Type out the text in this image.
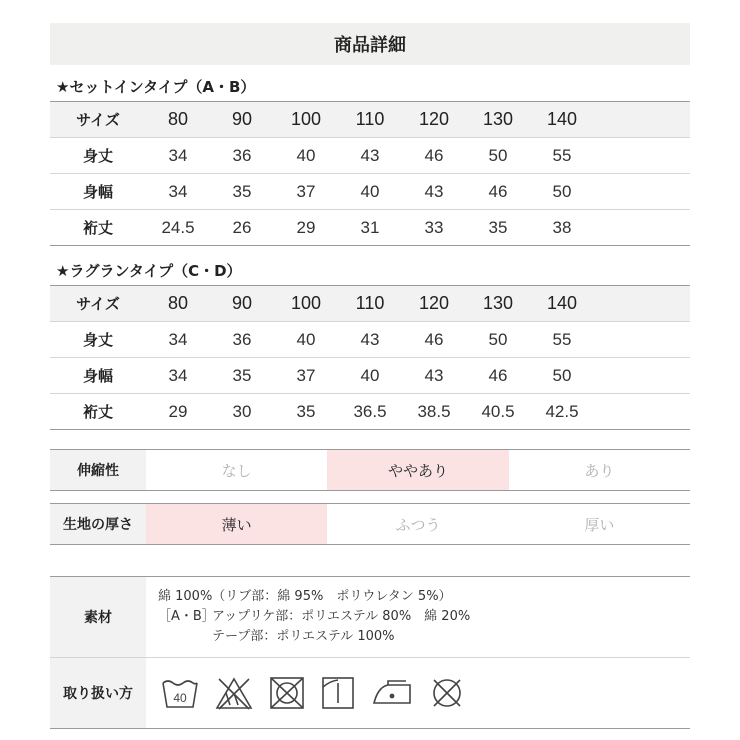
商品詳細
★セットインタイプ（A・B）
サイズ	80	90	100	110	120	130	140
身丈	34	36	40	43	46	50	55
身幅	34	35	37	40	43	46	50
裄丈	24.5	26	29	31	33	35	38
★ラグランタイプ（C・D）
サイズ	80	90	100	110	120	130	140
身丈	34	36	40	43	46	50	55
身幅	34	35	37	40	43	46	50
裄丈	29	30	35	36.5	38.5	40.5	42.5
伸縮性	なし	ややあり	あり
生地の厚さ	薄い	ふつう	厚い
素材
綿 100%（リブ部：綿 95%　ポリウレタン 5%）
［A・B］アップリケ部：ポリエステル 80%　綿 20%
テープ部：ポリエステル 100%
取り扱い方	40
